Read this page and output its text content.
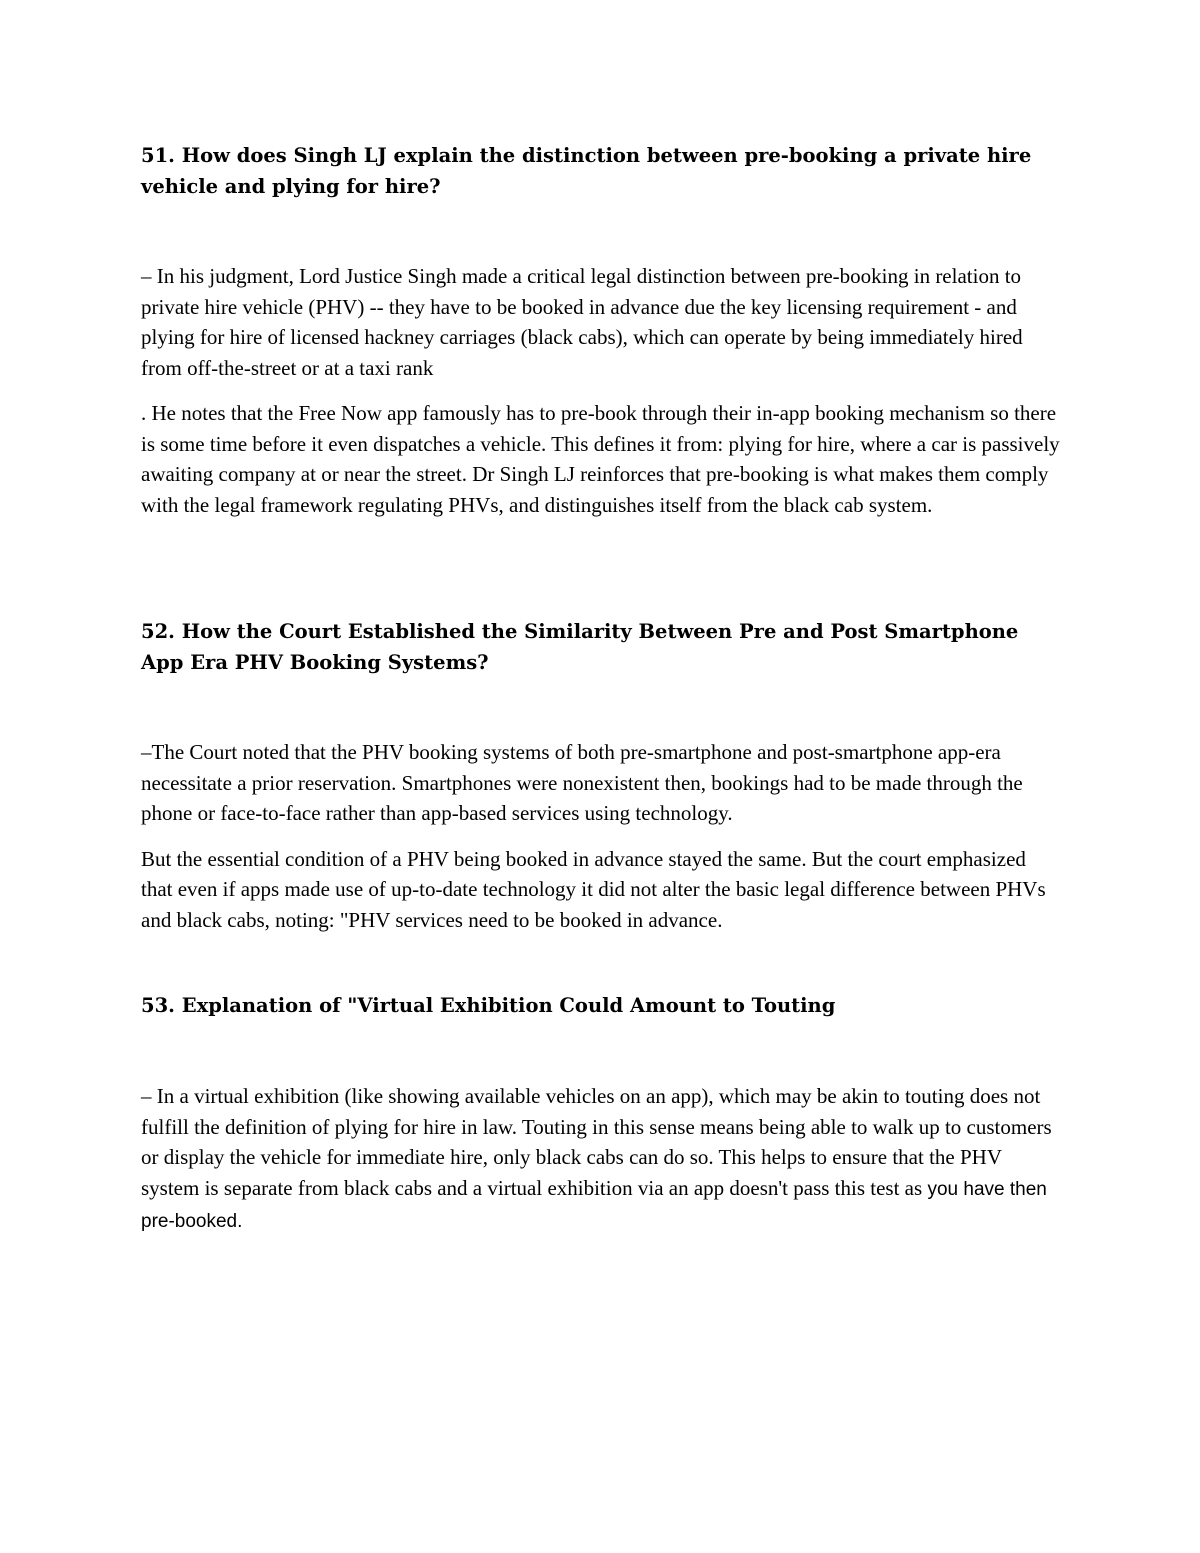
51. How does Singh LJ explain the distinction between pre-booking a private hire vehicle and plying for hire?

– In his judgment, Lord Justice Singh made a critical legal distinction between pre-booking in relation to private hire vehicle (PHV) -- they have to be booked in advance due the key licensing requirement - and plying for hire of licensed hackney carriages (black cabs), which can operate by being immediately hired from off-the-street or at a taxi rank

. He notes that the Free Now app famously has to pre-book through their in-app booking mechanism so there is some time before it even dispatches a vehicle. This defines it from: plying for hire, where a car is passively awaiting company at or near the street. Dr Singh LJ reinforces that pre-booking is what makes them comply with the legal framework regulating PHVs, and distinguishes itself from the black cab system.

52. How the Court Established the Similarity Between Pre and Post Smartphone App Era PHV Booking Systems?

–The Court noted that the PHV booking systems of both pre-smartphone and post-smartphone app-era necessitate a prior reservation. Smartphones were nonexistent then, bookings had to be made through the phone or face-to-face rather than app-based services using technology.

But the essential condition of a PHV being booked in advance stayed the same. But the court emphasized that even if apps made use of up-to-date technology it did not alter the basic legal difference between PHVs and black cabs, noting: "PHV services need to be booked in advance.

53. Explanation of "Virtual Exhibition Could Amount to Touting

– In a virtual exhibition (like showing available vehicles on an app), which may be akin to touting does not fulfill the definition of plying for hire in law. Touting in this sense means being able to walk up to customers or display the vehicle for immediate hire, only black cabs can do so. This helps to ensure that the PHV system is separate from black cabs and a virtual exhibition via an app doesn't pass this test as you have then pre-booked.
